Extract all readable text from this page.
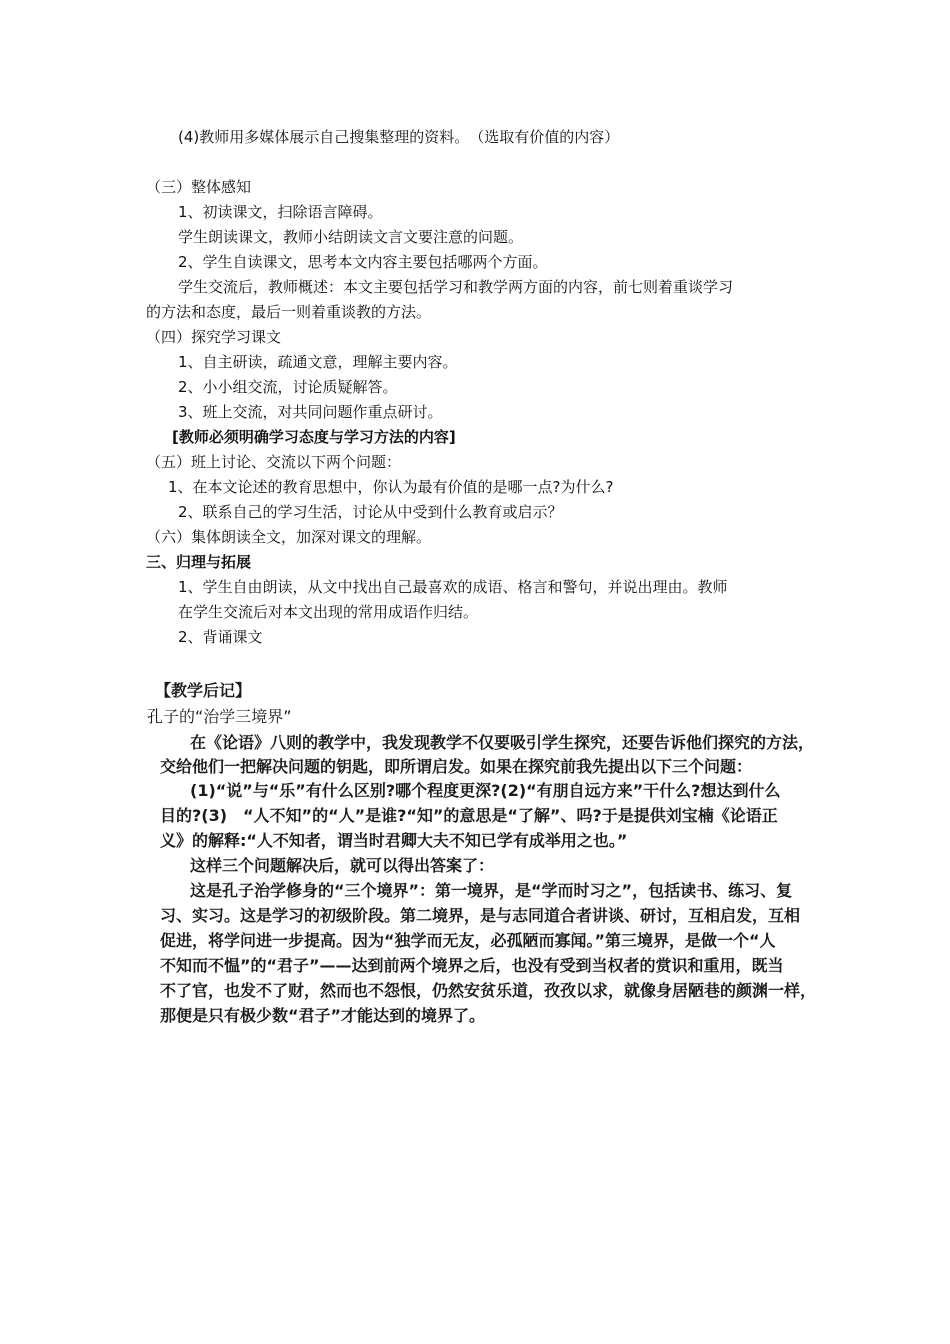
(4)教师用多媒体展示自己搜集整理的资料。　（选取有价值的内容）
（三）整体感知
1、初读课文，扫除语言障碍。
学生朗读课文，教师小结朗读文言文要注意的问题。
2、学生自读课文，思考本文内容主要包括哪两个方面。
学生交流后，教师概述：本文主要包括学习和教学两方面的内容，前七则着重谈学习
的方法和态度，最后一则着重谈教的方法。
（四）探究学习课文
1、自主研读，疏通文意，理解主要内容。
2、小小组交流，讨论质疑解答。
3、班上交流，对共同问题作重点研讨。
[教师必须明确学习态度与学习方法的内容]
（五）班上讨论、交流以下两个问题：
1、在本文论述的教育思想中，你认为最有价值的是哪一点?为什么?
2、联系自己的学习生活，讨论从中受到什么教育或启示？
（六）集体朗读全文，加深对课文的理解。
三、归理与拓展
1、学生自由朗读，从文中找出自己最喜欢的成语、格言和警句，并说出理由。教师
在学生交流后对本文出现的常用成语作归结。
2、背诵课文
【教学后记】
孔子的“治学三境界”
在《论语》八则的教学中，我发现教学不仅要吸引学生探究，还要告诉他们探究的方法，
交给他们一把解决问题的钥匙，即所谓启发。如果在探究前我先提出以下三个问题：
(1)“说”与“乐”有什么区别?哪个程度更深?(2)“有朋自远方来”干什么?想达到什么
目的?(3)　“人不知”的“人”是谁?“知”的意思是“了解”、吗?于是提供刘宝楠《论语正
义》的解释:“人不知者，谓当时君卿大夫不知已学有成举用之也。”
这样三个问题解决后，就可以得出答案了：
这是孔子治学修身的“三个境界”：第一境界，是“学而时习之”，包括读书、练习、复
习、实习。这是学习的初级阶段。第二境界，是与志同道合者讲谈、研讨，互相启发，互相
促进，将学问进一步提高。因为“独学而无友，必孤陋而寡闻。”第三境界，是做一个“人
不知而不愠”的“君子”——达到前两个境界之后，也没有受到当权者的赏识和重用，既当
不了官，也发不了财，然而也不怨恨，仍然安贫乐道，孜孜以求，就像身居陋巷的颜渊一样，
那便是只有极少数“君子”才能达到的境界了。
